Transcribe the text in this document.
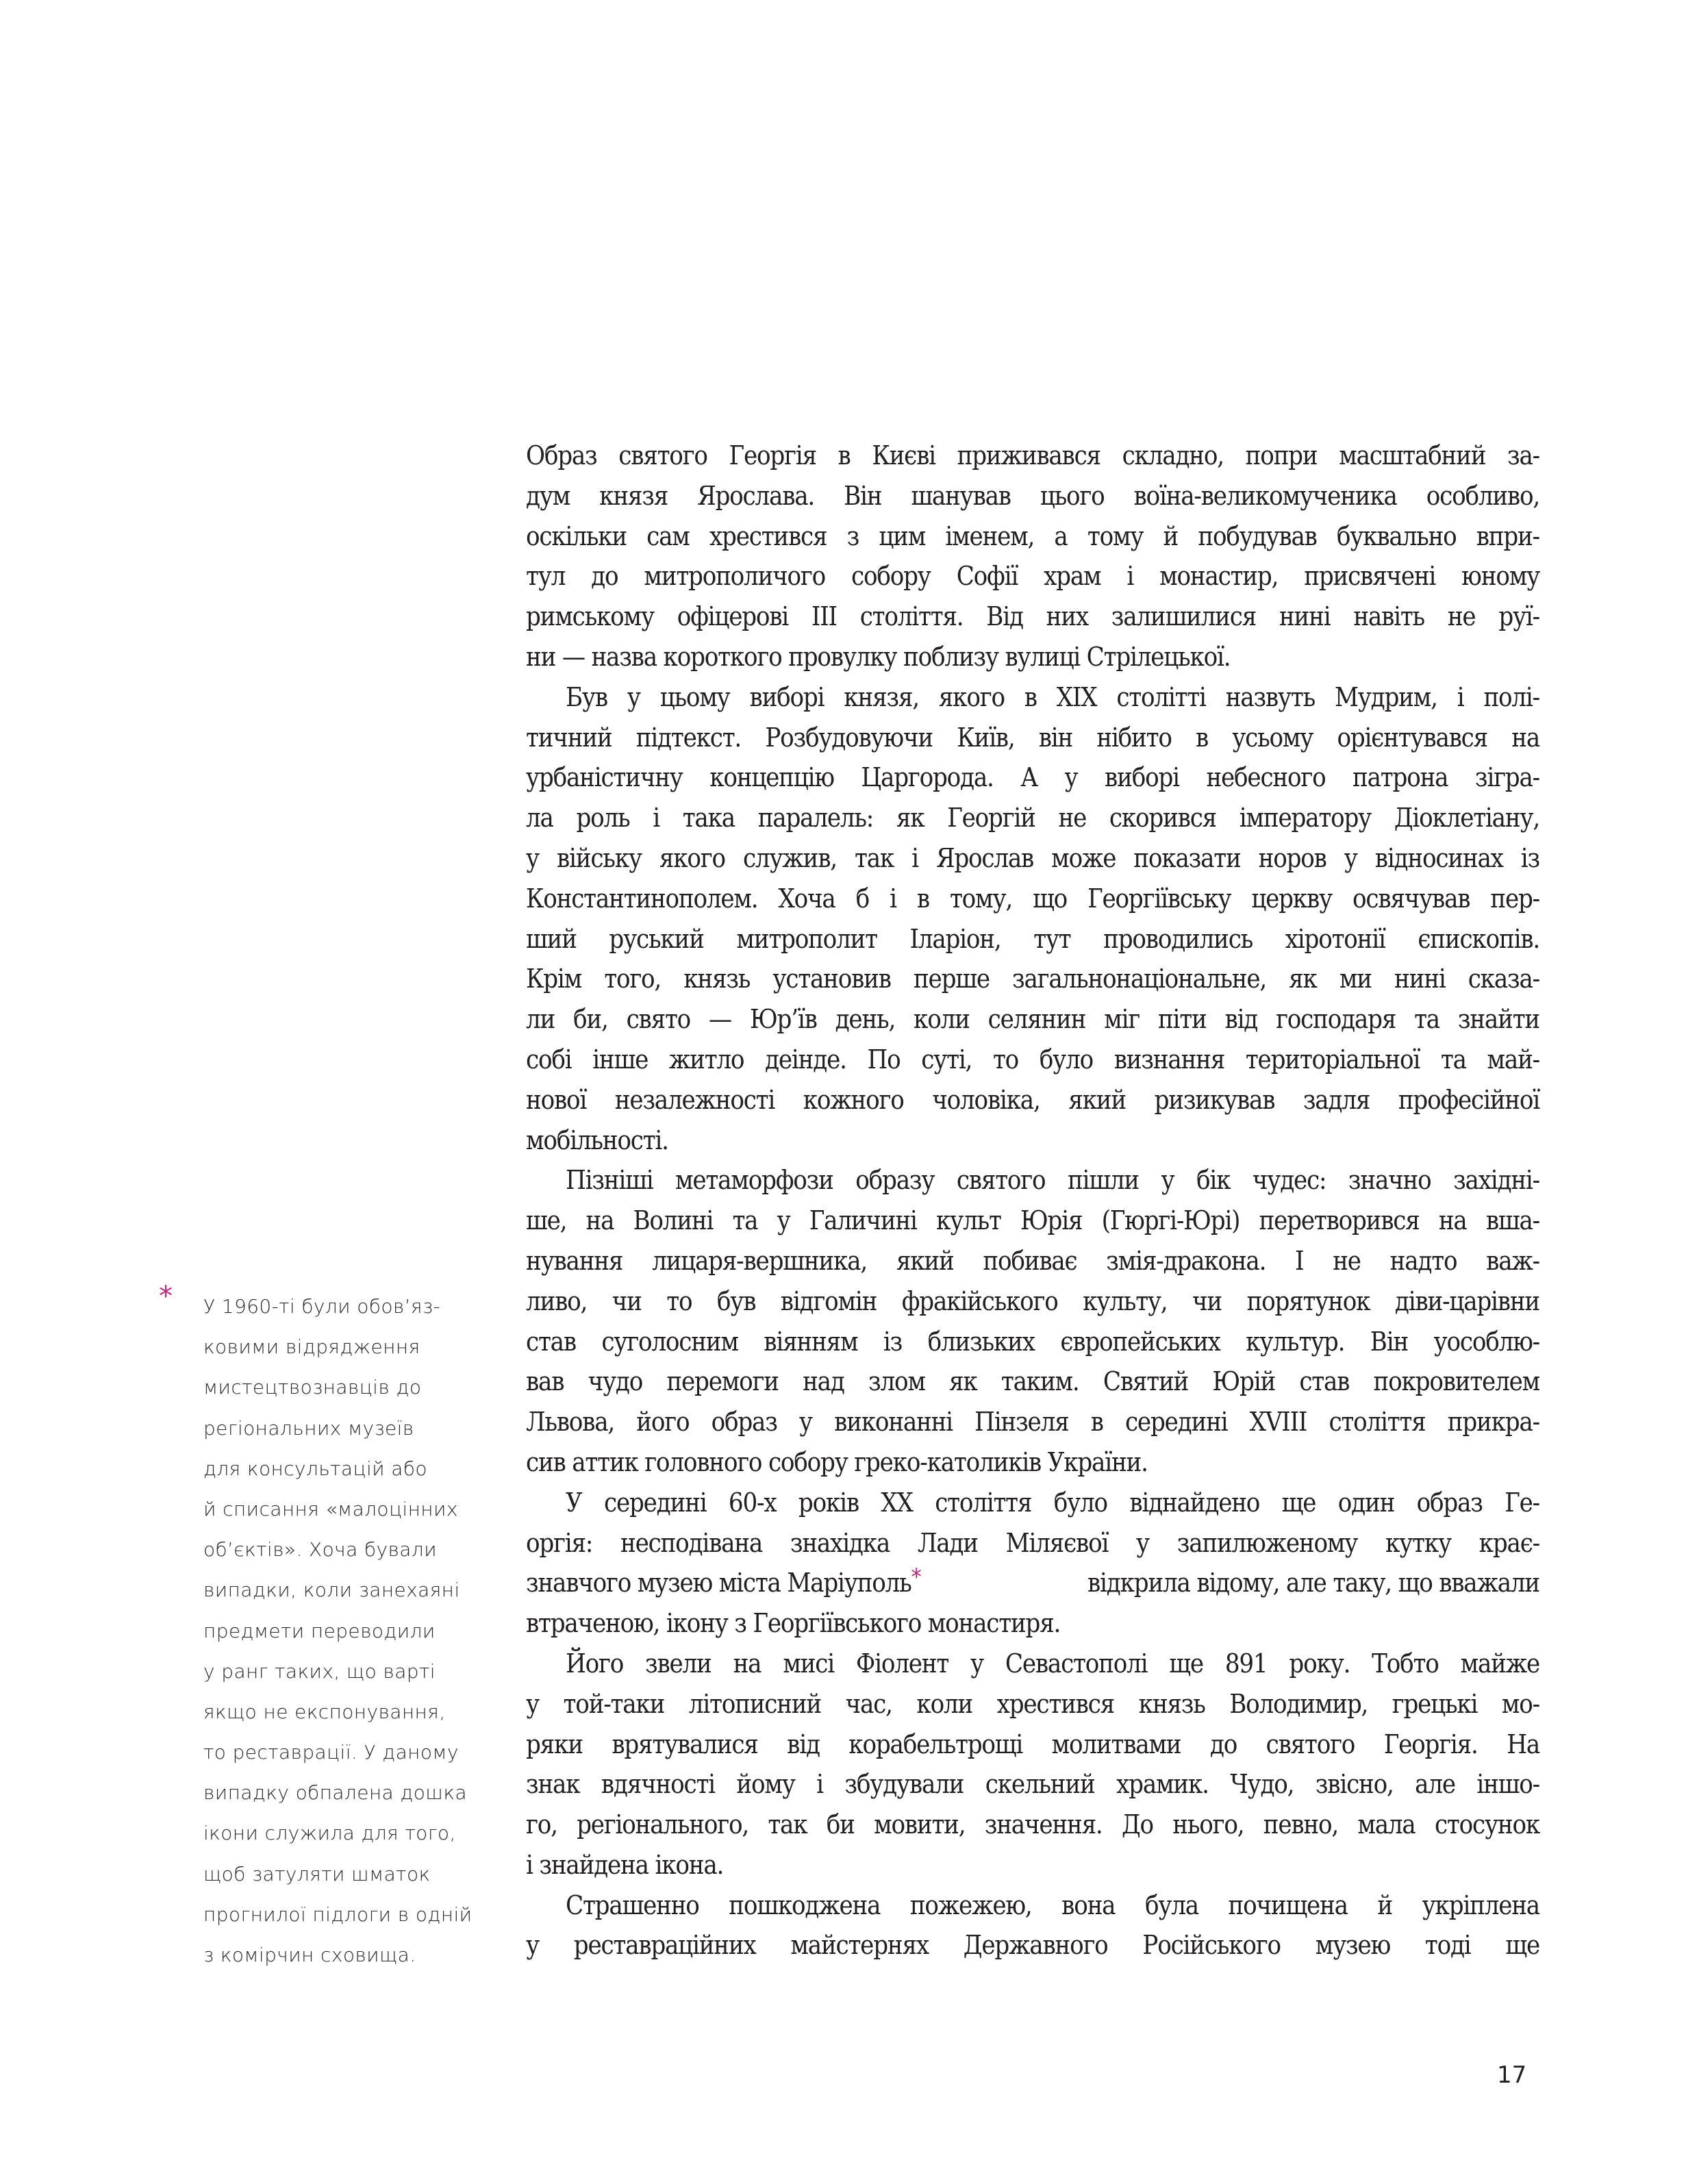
Образ святого Георгія в Києві приживався складно, попри масштабний за-
дум князя Ярослава. Він шанував цього воїна-великомученика особливо,
оскільки сам хрестився з цим іменем, а тому й побудував буквально впри-
тул до митрополичого собору Софії храм і монастир, присвячені юному
римському офіцерові III століття. Від них залишилися нині навіть не руї-
ни — назва короткого провулку поблизу вулиці Стрілецької.
Був у цьому виборі князя, якого в XIX столітті назвуть Мудрим, і полі-
тичний підтекст. Розбудовуючи Київ, він нібито в усьому орієнтувався на
урбаністичну концепцію Царгорода. А у виборі небесного патрона зігра-
ла роль і така паралель: як Георгій не скорився імператору Діоклетіану,
у війську якого служив, так і Ярослав може показати норов у відносинах із
Константинополем. Хоча б і в тому, що Георгіївську церкву освячував пер-
ший руський митрополит Іларіон, тут проводились хіротонії єпископів.
Крім того, князь установив перше загальнонаціональне, як ми нині сказа-
ли би, свято — Юр’їв день, коли селянин міг піти від господаря та знайти
собі інше житло деінде. По суті, то було визнання територіальної та май-
нової незалежності кожного чоловіка, який ризикував задля професійної
мобільності.
Пізніші метаморфози образу святого пішли у бік чудес: значно західні-
ше, на Волині та у Галичині культ Юрія (Гюргі-Юрі) перетворився на вша-
нування лицаря-вершника, який побиває змія-дракона. І не надто важ-
ливо, чи то був відгомін фракійського культу, чи порятунок діви-царівни
став суголосним віянням із близьких європейських культур. Він уособлю-
вав чудо перемоги над злом як таким. Святий Юрій став покровителем
Львова, його образ у виконанні Пінзеля в середині XVIII століття прикра-
сив аттик головного собору греко-католиків України.
У середині 60-х років XX століття було віднайдено ще один образ Ге-
оргія: несподівана знахідка Лади Міляєвої у запилюженому кутку крає-
знавчого музею міста Маріуполь*	відкрила відому, але таку, що вважали
втраченою, ікону з Георгіївського монастиря.
Його звели на мисі Фіолент у Севастополі ще 891 року. Тобто майже
у той-таки літописний час, коли хрестився князь Володимир, грецькі мо-
ряки врятувалися від корабельтрощі молитвами до святого Георгія. На
знак вдячності йому і збудували скельний храмик. Чудо, звісно, але іншо-
го, регіонального, так би мовити, значення. До нього, певно, мала стосунок
і знайдена ікона.
Страшенно пошкоджена пожежею, вона була почищена й укріплена
у реставраційних майстернях Державного Російського музею тоді ще
* У 1960-ті були обов’яз-
ковими відрядження
мистецтвознавців до
регіональних музеїв
для консультацій або
й списання «малоцінних
об’єктів». Хоча бували
випадки, коли занехаяні
предмети переводили
у ранг таких, що варті
якщо не експонування,
то реставрації. У даному
випадку обпалена дошка
ікони служила для того,
щоб затуляти шматок
прогнилої підлоги в одній
з комірчин сховища.
17
